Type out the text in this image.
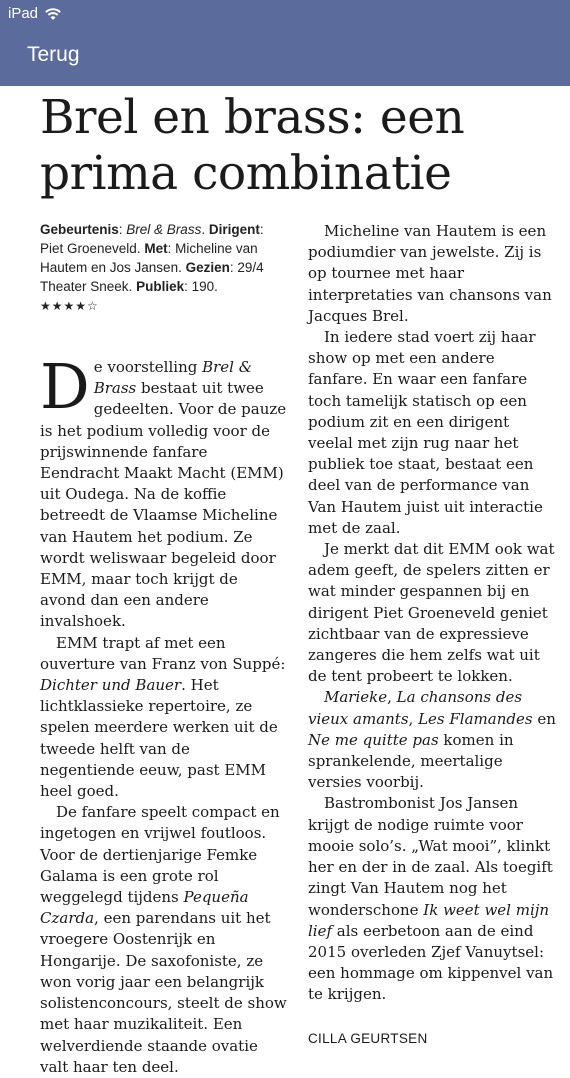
iPad
Terug
Brel en brass: een prima combinatie
Gebeurtenis: Brel & Brass. Dirigent: Piet Groeneveld. Met: Micheline van Hautem en Jos Jansen. Gezien: 29/4 Theater Sneek. Publiek: 190.
★★★★☆

De voorstelling Brel & Brass bestaat uit twee gedeelten. Voor de pauze is het podium volledig voor de prijswinnende fanfare Eendracht Maakt Macht (EMM) uit Oudega. Na de koffie betreedt de Vlaamse Micheline van Hautem het podium. Ze wordt weliswaar begeleid door EMM, maar toch krijgt de avond dan een andere invalshoek.

EMM trapt af met een ouverture van Franz von Suppé: Dichter und Bauer. Het lichtklassieke repertoire, ze spelen meerdere werken uit de tweede helft van de negentiende eeuw, past EMM heel goed.

De fanfare speelt compact en ingetogen en vrijwel foutloos. Voor de dertienjarige Femke Galama is een grote rol weggelegd tijdens Pequeña Czarda, een parendans uit het vroegere Oostenrijk en Hongarije. De saxofoniste, ze won vorig jaar een belangrijk solistenconcours, steelt de show met haar muzikaliteit. Een welverdiende staande ovatie valt haar ten deel.

Micheline van Hautem is een podiumdier van jewelste. Zij is op tournee met haar interpretaties van chansons van Jacques Brel.

In iedere stad voert zij haar show op met een andere fanfare. En waar een fanfare toch tamelijk statisch op een podium zit en een dirigent veelal met zijn rug naar het publiek toe staat, bestaat een deel van de performance van Van Hautem juist uit interactie met de zaal.

Je merkt dat dit EMM ook wat adem geeft, de spelers zitten er wat minder gespannen bij en dirigent Piet Groeneveld geniet zichtbaar van de expressieve zangeres die hem zelfs wat uit de tent probeert te lokken.

Marieke, La chansons des vieux amants, Les Flamandes en Ne me quitte pas komen in sprankelende, meertalige versies voorbij.

Bastrombonist Jos Jansen krijgt de nodige ruimte voor mooie solo’s. „Wat mooi”, klinkt her en der in de zaal. Als toegift zingt Van Hautem nog het wonderschone Ik weet wel mijn lief als eerbetoon aan de eind 2015 overleden Zjef Vanuytsel: een hommage om kippenvel van te krijgen.

CILLA GEURTSEN
